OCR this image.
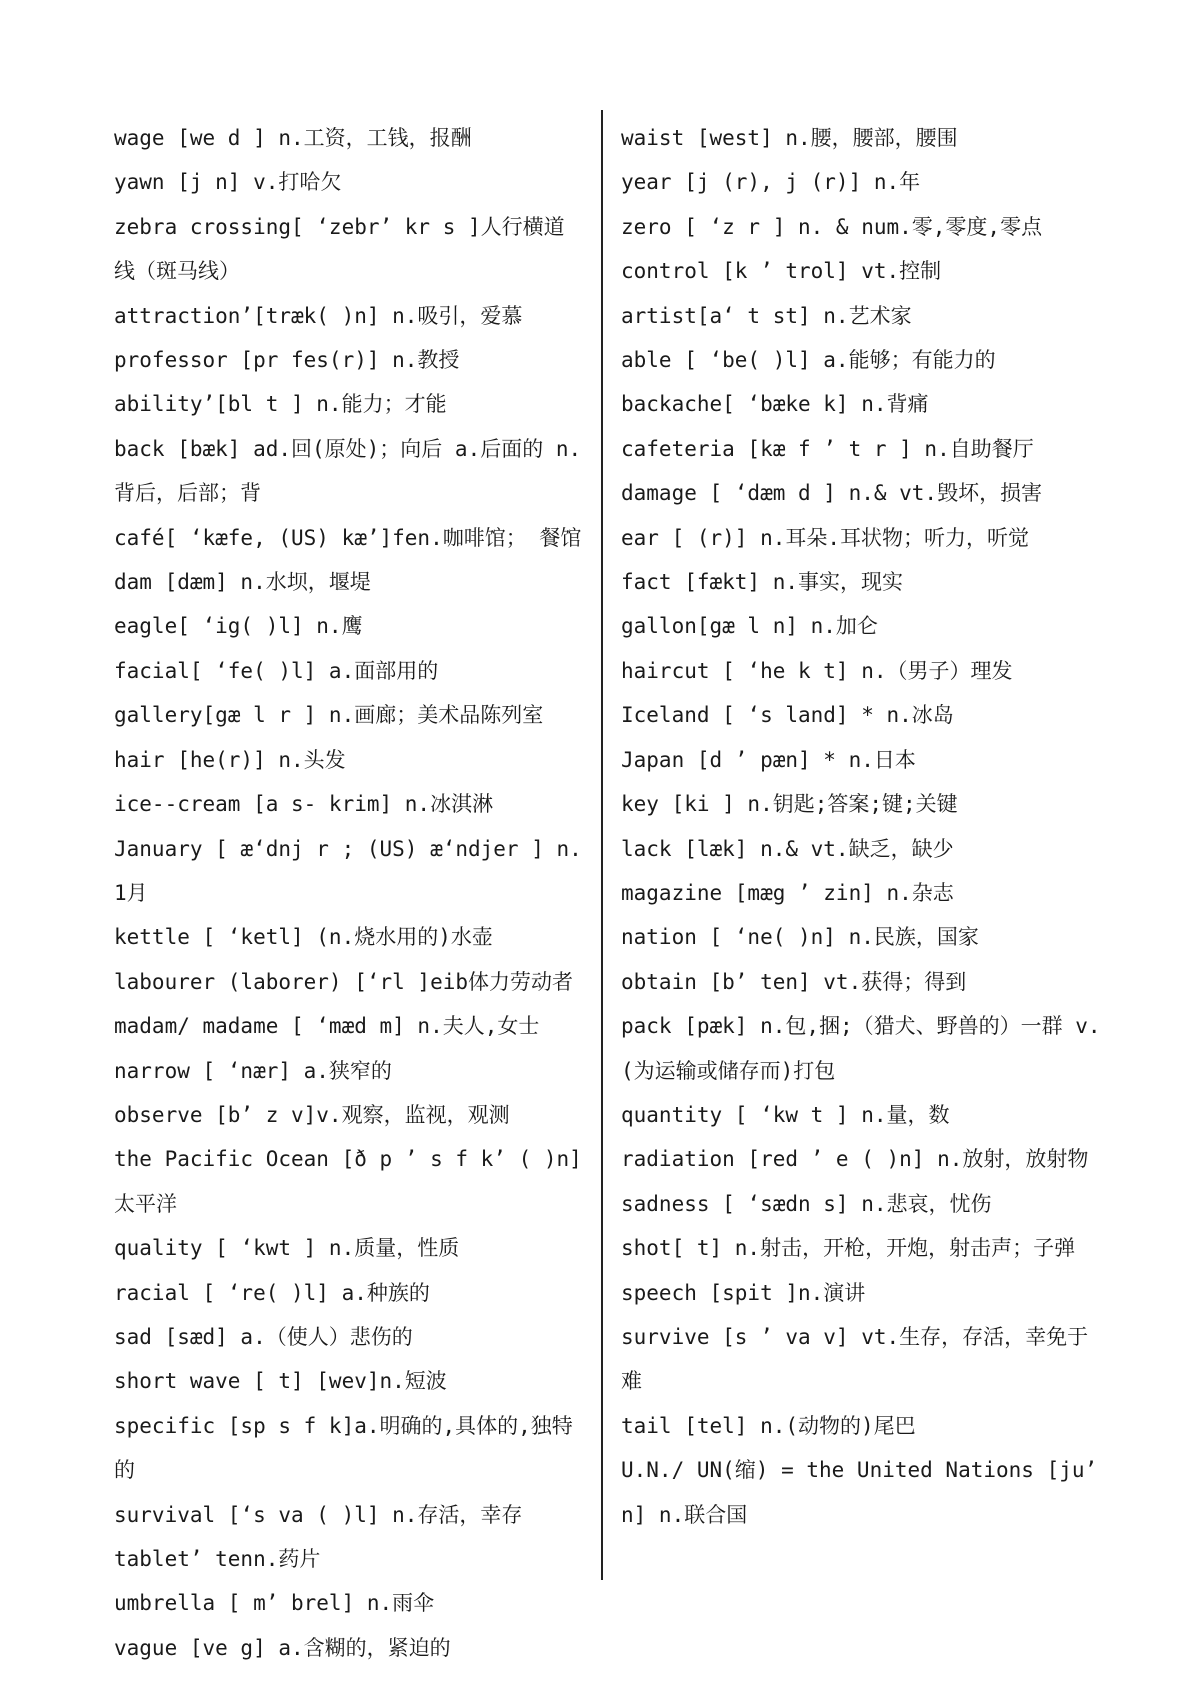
wage [we d ] n.工资，工钱，报酬
yawn [j n] v.打哈欠
zebra crossing[ ‘zebr’ kr s ]人行横道线（斑马线）
attraction’[træk( )n] n.吸引，爱慕
professor [pr fes(r)] n.教授
ability’[bl t ] n.能力；才能
back [bæk] ad.回(原处)；向后 a.后面的 n.背后，后部；背
café[ ‘kæfe, (US) kæ’]fen.咖啡馆； 餐馆
dam [dæm] n.水坝，堰堤
eagle[ ‘ig( )l] n.鹰
facial[ ‘fe( )l] a.面部用的
gallery[gæ l r ] n.画廊；美术品陈列室
hair [he(r)] n.头发
ice--cream [a s- krim] n.冰淇淋
January [ æ‘dnj r ; (US) æ‘ndjer ] n.1月
kettle [ ‘ketl] (n.烧水用的)水壶
labourer (laborer) [‘rl ]eib体力劳动者
madam/ madame [ ‘mæd m] n.夫人,女士
narrow [ ‘nær] a.狭窄的
observe [b’ z v]v.观察，监视，观测
the Pacific Ocean [ð p ’ s f k’ ( )n]太平洋
quality [ ‘kwt ] n.质量，性质
racial [ ‘re( )l] a.种族的
sad [sæd] a.（使人）悲伤的
short wave [ t] [wev]n.短波
specific [sp s f k]a.明确的,具体的,独特的
survival [‘s va ( )l] n.存活，幸存
tablet’ tenn.药片
umbrella [ m’ brel] n.雨伞
vague [ve g] a.含糊的，紧迫的
waist [west] n.腰，腰部，腰围
year [j (r), j (r)] n.年
zero [ ‘z r ] n. & num.零,零度,零点
control [k ’ trol] vt.控制
artist[a‘ t st] n.艺术家
able [ ‘be( )l] a.能够；有能力的
backache[ ‘bæke k] n.背痛
cafeteria [kæ f ’ t r ] n.自助餐厅
damage [ ‘dæm d ] n.& vt.毁坏，损害
ear [ (r)] n.耳朵.耳状物；听力，听觉
fact [fækt] n.事实，现实
gallon[gæ l n] n.加仑
haircut [ ‘he k t] n.（男子）理发
Iceland [ ‘s land] * n.冰岛
Japan [d ’ pæn] * n.日本
key [ki ] n.钥匙;答案;键;关键
lack [læk] n.& vt.缺乏，缺少
magazine [mæg ’ zin] n.杂志
nation [ ‘ne( )n] n.民族，国家
obtain [b’ ten] vt.获得；得到
pack [pæk] n.包,捆;（猎犬、野兽的）一群 v.(为运输或储存而)打包
quantity [ ‘kw t ] n.量，数
radiation [red ’ e ( )n] n.放射，放射物
sadness [ ‘sædn s] n.悲哀，忧伤
shot[ t] n.射击，开枪，开炮，射击声；子弹
speech [spit ]n.演讲
survive [s ’ va v] vt.生存，存活，幸免于难
tail [tel] n.(动物的)尾巴
U.N./ UN(缩) = the United Nations [ju’ n] n.联合国
